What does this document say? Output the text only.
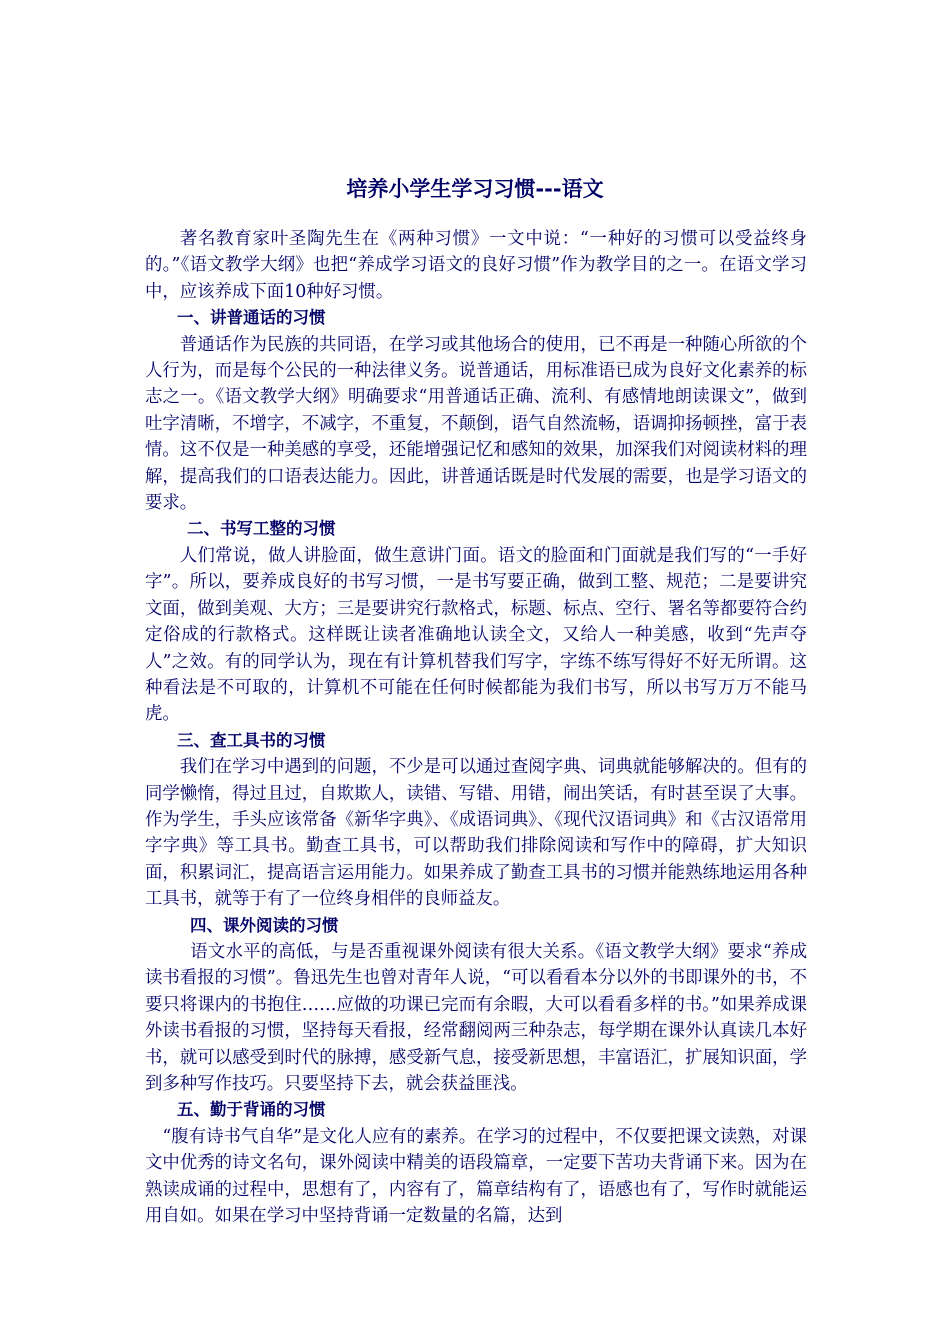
培养小学生学习习惯---语文

著名教育家叶圣陶先生在《两种习惯》一文中说：“一种好的习惯可以受益终身的。”《语文教学大纲》也把“养成学习语文的良好习惯”作为教学目的之一。在语文学习中，应该养成下面10种好习惯。

一、讲普通话的习惯

普通话作为民族的共同语，在学习或其他场合的使用，已不再是一种随心所欲的个人行为，而是每个公民的一种法律义务。说普通话，用标准语已成为良好文化素养的标志之一。《语文教学大纲》明确要求“用普通话正确、流利、有感情地朗读课文”，做到吐字清晰，不增字，不减字，不重复，不颠倒，语气自然流畅，语调抑扬顿挫，富于表情。这不仅是一种美感的享受，还能增强记忆和感知的效果，加深我们对阅读材料的理解，提高我们的口语表达能力。因此，讲普通话既是时代发展的需要，也是学习语文的要求。

二、书写工整的习惯

人们常说，做人讲脸面，做生意讲门面。语文的脸面和门面就是我们写的“一手好字”。所以，要养成良好的书写习惯，一是书写要正确，做到工整、规范；二是要讲究文面，做到美观、大方；三是要讲究行款格式，标题、标点、空行、署名等都要符合约定俗成的行款格式。这样既让读者准确地认读全文，又给人一种美感，收到“先声夺人”之效。有的同学认为，现在有计算机替我们写字，字练不练写得好不好无所谓。这种看法是不可取的，计算机不可能在任何时候都能为我们书写，所以书写万万不能马虎。

三、查工具书的习惯

我们在学习中遇到的问题，不少是可以通过查阅字典、词典就能够解决的。但有的同学懒惰，得过且过，自欺欺人，读错、写错、用错，闹出笑话，有时甚至误了大事。作为学生，手头应该常备《新华字典》、《成语词典》、《现代汉语词典》和《古汉语常用字字典》等工具书。勤查工具书，可以帮助我们排除阅读和写作中的障碍，扩大知识面，积累词汇，提高语言运用能力。如果养成了勤查工具书的习惯并能熟练地运用各种工具书，就等于有了一位终身相伴的良师益友。

四、课外阅读的习惯

语文水平的高低，与是否重视课外阅读有很大关系。《语文教学大纲》要求“养成读书看报的习惯”。鲁迅先生也曾对青年人说，“可以看看本分以外的书即课外的书，不要只将课内的书抱住……应做的功课已完而有余暇，大可以看看多样的书。”如果养成课外读书看报的习惯，坚持每天看报，经常翻阅两三种杂志，每学期在课外认真读几本好书，就可以感受到时代的脉搏，感受新气息，接受新思想，丰富语汇，扩展知识面，学到多种写作技巧。只要坚持下去，就会获益匪浅。

五、勤于背诵的习惯

“腹有诗书气自华”是文化人应有的素养。在学习的过程中，不仅要把课文读熟，对课文中优秀的诗文名句，课外阅读中精美的语段篇章，一定要下苦功夫背诵下来。因为在熟读成诵的过程中，思想有了，内容有了，篇章结构有了，语感也有了，写作时就能运用自如。如果在学习中坚持背诵一定数量的名篇，达到
